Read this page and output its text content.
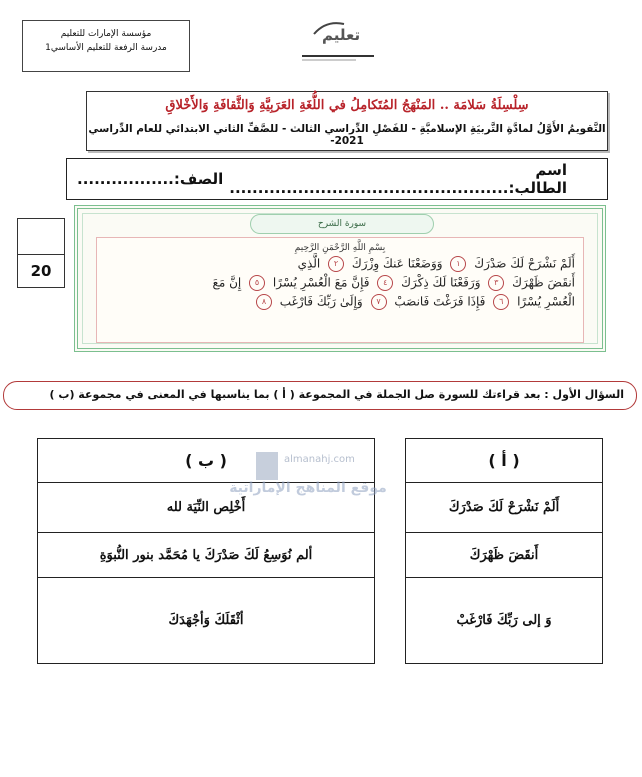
مؤسسة الإمارات للتعليم
مدرسة الرفعة للتعليم الأساسي1
تعليم
سِلْسِلَةُ سَلامَة .. المَنْهَجُ المُتَكامِلُ في اللُّغَةِ العَرَبِيَّةِ وَالثَّقافَةِ وَالأَخْلاقِ
التَّقويمُ الأَوَّلُ لمادَّةِ التَّربيَةِ الإسلاميَّةِ - للفَصْلِ الدِّراسي الثالث - للصَّفِّ الثاني الابتدائي للعام الدِّراسي 2021-
اسم الطالب:.................................................
الصف:.................
20
سورة الشرح
بِسْمِ اللَّهِ الرَّحْمَنِ الرَّحِيمِ
أَلَمْ نَشْرَحْ لَكَ صَدْرَكَ ١ وَوَضَعْنَا عَنكَ وِزْرَكَ ٢ الَّذِي
أَنقَضَ ظَهْرَكَ ٣ وَرَفَعْنَا لَكَ ذِكْرَكَ ٤ فَإِنَّ مَعَ الْعُسْرِ يُسْرًا ٥ إِنَّ مَعَ
الْعُسْرِ يُسْرًا ٦ فَإِذَا فَرَغْتَ فَانصَبْ ٧ وَإِلَىٰ رَبِّكَ فَارْغَب ٨
السؤال الأول : بعد قراءتك للسورة صل الجملة في المجموعة ( أ ) بما يناسبها في المعنى في مجموعة (ب )
( ب )
أَخْلِص النِّيَة لله
ألم نُوَسِعُ لَكَ صَدْرَكَ يا مُحَمَّد بنور النُّبوَةِ
أثْقَلَكَ وَأجْهَدَكَ
( أ )
أَلَمْ نَشْرَحْ لَكَ صَدْرَكَ
أَنقَضَ ظَهْرَكَ
وَ إلى رَبِّكَ فَارْغَبْ
almanahj.com
موقع المناهج الإماراتية
